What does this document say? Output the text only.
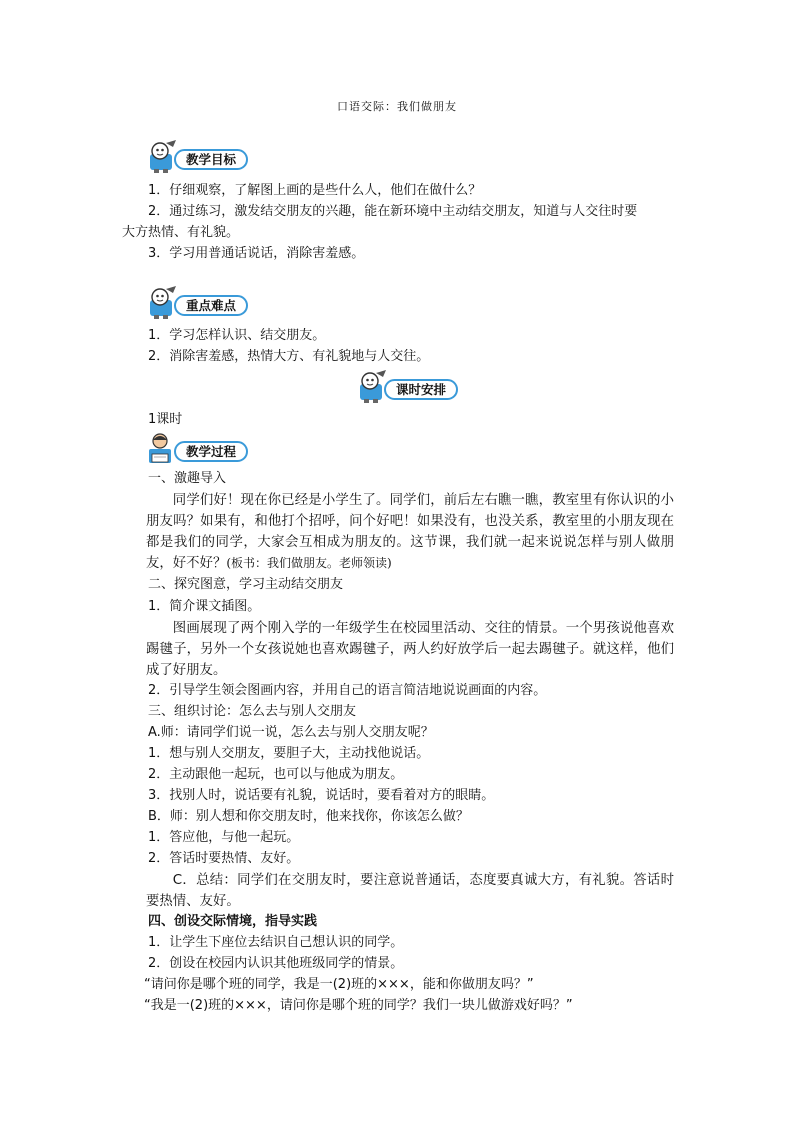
口语交际：我们做朋友
教学目标
1．仔细观察，了解图上画的是些什么人，他们在做什么？
2．通过练习，激发结交朋友的兴趣，能在新环境中主动结交朋友，知道与人交往时要
大方热情、有礼貌。
3．学习用普通话说话，消除害羞感。
重点难点
1．学习怎样认识、结交朋友。
2．消除害羞感，热情大方、有礼貌地与人交往。
课时安排
1课时
教学过程
一、激趣导入
同学们好！现在你已经是小学生了。同学们，前后左右瞧一瞧，教室里有你认识的小朋友吗？如果有，和他打个招呼，问个好吧！如果没有，也没关系，教室里的小朋友现在都是我们的同学，大家会互相成为朋友的。这节课，我们就一起来说说怎样与别人做朋友，好不好？(板书：我们做朋友。老师领读)
二、探究图意，学习主动结交朋友
1．简介课文插图。
图画展现了两个刚入学的一年级学生在校园里活动、交往的情景。一个男孩说他喜欢踢毽子，另外一个女孩说她也喜欢踢毽子，两人约好放学后一起去踢毽子。就这样，他们成了好朋友。
2．引导学生领会图画内容，并用自己的语言简洁地说说画面的内容。
三、组织讨论：怎么去与别人交朋友
A.师：请同学们说一说，怎么去与别人交朋友呢？
1．想与别人交朋友，要胆子大，主动找他说话。
2．主动跟他一起玩，也可以与他成为朋友。
3．找别人时，说话要有礼貌，说话时，要看着对方的眼睛。
B．师：别人想和你交朋友时，他来找你，你该怎么做？
1．答应他，与他一起玩。
2．答话时要热情、友好。
C．总结：同学们在交朋友时，要注意说普通话，态度要真诚大方，有礼貌。答话时要热情、友好。
四、创设交际情境，指导实践
1．让学生下座位去结识自己想认识的同学。
2．创设在校园内认识其他班级同学的情景。
“请问你是哪个班的同学，我是一(2)班的×××，能和你做朋友吗？”
“我是一(2)班的×××，请问你是哪个班的同学？我们一块儿做游戏好吗？”
